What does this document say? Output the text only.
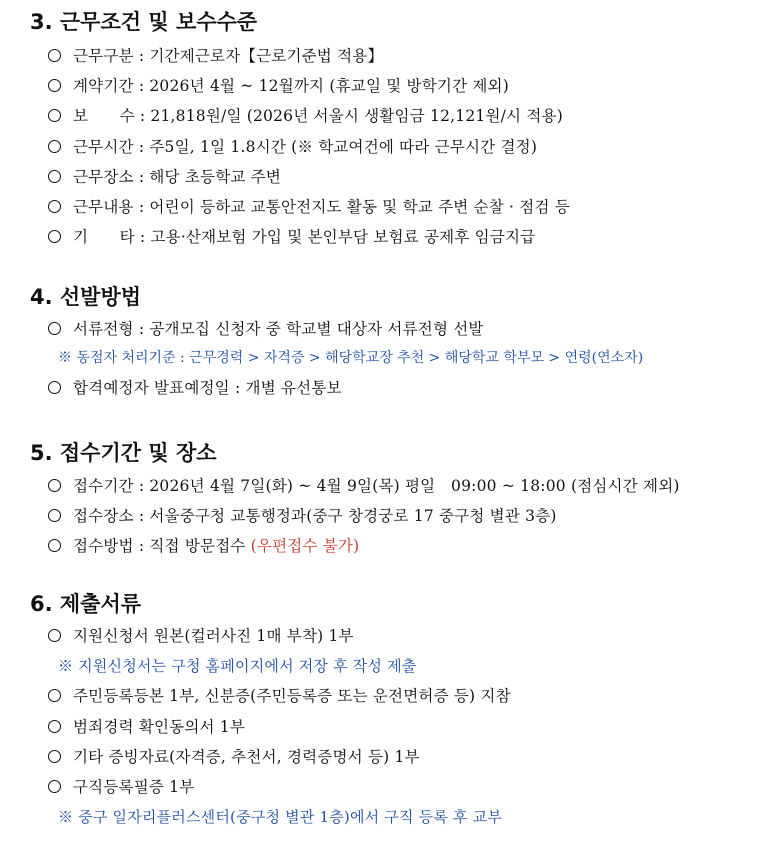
3. 근무조건 및 보수수준
근무구분 : 기간제근로자【근로기준법 적용】
계약기간 : 2026년 4월 ~ 12월까지 (휴교일 및 방학기간 제외)
보　　수 : 21,818원/일 (2026년 서울시 생활임금 12,121원/시 적용)
근무시간 : 주5일, 1일 1.8시간 (※ 학교여건에 따라 근무시간 결정)
근무장소 : 해당 초등학교 주변
근무내용 : 어린이 등하교 교통안전지도 활동 및 학교 주변 순찰 · 점검 등
기　　타 : 고용·산재보험 가입 및 본인부담 보험료 공제후 임금지급
4. 선발방법
서류전형 : 공개모집 신청자 중 학교별 대상자 서류전형 선발
※ 동점자 처리기준 : 근무경력 > 자격증 > 해당학교장 추천 > 해당학교 학부모 > 연령(연소자)
합격예정자 발표예정일 : 개별 유선통보
5. 접수기간 및 장소
접수기간 : 2026년 4월 7일(화) ~ 4월 9일(목) 평일　09:00 ~ 18:00 (점심시간 제외)
접수장소 : 서울중구청 교통행정과(중구 창경궁로 17 중구청 별관 3층)
접수방법 : 직접 방문접수 (우편접수 불가)
6. 제출서류
지원신청서 원본(컬러사진 1매 부착) 1부
※ 지원신청서는 구청 홈페이지에서 저장 후 작성 제출
주민등록등본 1부, 신분증(주민등록증 또는 운전면허증 등) 지참
범죄경력 확인동의서 1부
기타 증빙자료(자격증, 추천서, 경력증명서 등) 1부
구직등록필증 1부
※ 중구 일자리플러스센터(중구청 별관 1층)에서 구직 등록 후 교부
